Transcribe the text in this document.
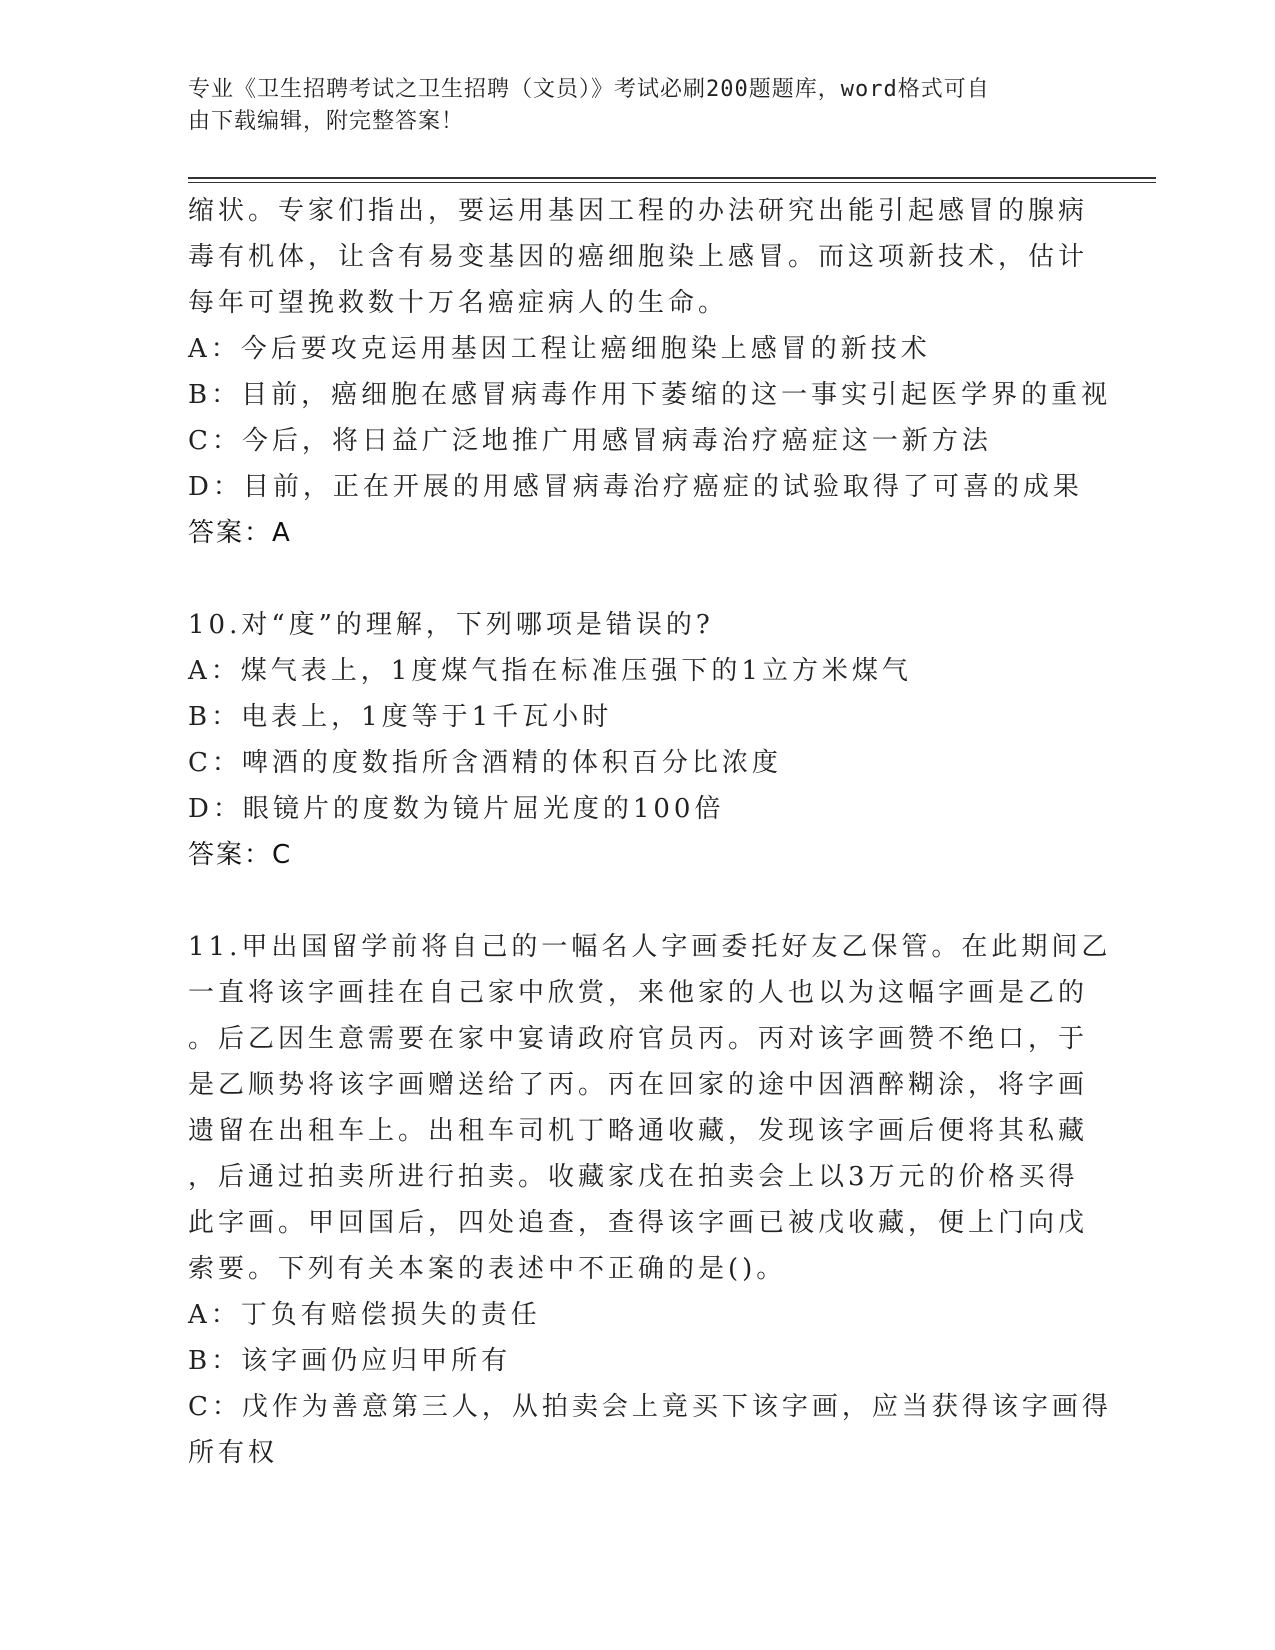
专业《卫生招聘考试之卫生招聘（文员）》考试必刷200题题库，word格式可自
由下载编辑，附完整答案！
缩状。专家们指出，要运用基因工程的办法研究出能引起感冒的腺病
毒有机体，让含有易变基因的癌细胞染上感冒。而这项新技术，估计
每年可望挽救数十万名癌症病人的生命。
A：今后要攻克运用基因工程让癌细胞染上感冒的新技术
B：目前，癌细胞在感冒病毒作用下萎缩的这一事实引起医学界的重视
C：今后，将日益广泛地推广用感冒病毒治疗癌症这一新方法
D：目前，正在开展的用感冒病毒治疗癌症的试验取得了可喜的成果
答案：A
10.对“度”的理解，下列哪项是错误的?
A：煤气表上，1度煤气指在标准压强下的1立方米煤气
B：电表上，1度等于1千瓦小时
C：啤酒的度数指所含酒精的体积百分比浓度
D：眼镜片的度数为镜片屈光度的100倍
答案：C
11.甲出国留学前将自己的一幅名人字画委托好友乙保管。在此期间乙
一直将该字画挂在自己家中欣赏，来他家的人也以为这幅字画是乙的
。后乙因生意需要在家中宴请政府官员丙。丙对该字画赞不绝口，于
是乙顺势将该字画赠送给了丙。丙在回家的途中因酒醉糊涂，将字画
遗留在出租车上。出租车司机丁略通收藏，发现该字画后便将其私藏
，后通过拍卖所进行拍卖。收藏家戊在拍卖会上以3万元的价格买得
此字画。甲回国后，四处追查，查得该字画已被戊收藏，便上门向戊
索要。下列有关本案的表述中不正确的是()。
A：丁负有赔偿损失的责任
B：该字画仍应归甲所有
C：戊作为善意第三人，从拍卖会上竟买下该字画，应当获得该字画得
所有权
